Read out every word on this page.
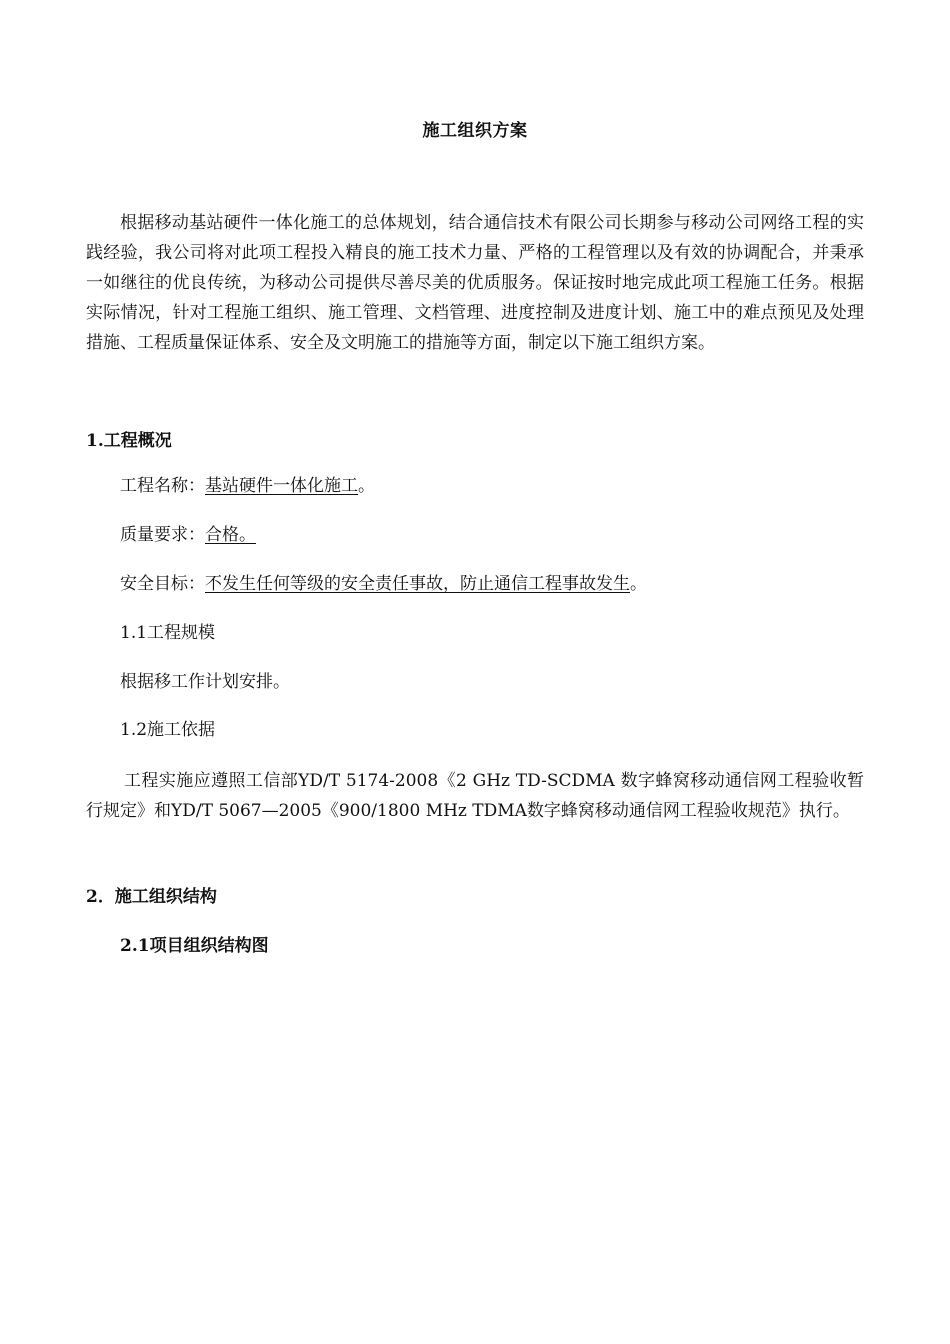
施工组织方案

根据移动基站硬件一体化施工的总体规划，结合通信技术有限公司长期参与移动公司网络工程的实践经验，我公司将对此项工程投入精良的施工技术力量、严格的工程管理以及有效的协调配合，并秉承一如继往的优良传统，为移动公司提供尽善尽美的优质服务。保证按时地完成此项工程施工任务。根据实际情况，针对工程施工组织、施工管理、文档管理、进度控制及进度计划、施工中的难点预见及处理措施、工程质量保证体系、安全及文明施工的措施等方面，制定以下施工组织方案。

1.工程概况

工程名称：基站硬件一体化施工。

质量要求：合格。

安全目标：不发生任何等级的安全责任事故，防止通信工程事故发生。

1.1工程规模

根据移工作计划安排。

1.2施工依据

工程实施应遵照工信部YD/T 5174-2008《2 GHz TD-SCDMA 数字蜂窝移动通信网工程验收暂行规定》和YD/T 5067—2005《900/1800 MHz TDMA数字蜂窝移动通信网工程验收规范》执行。

2．施工组织结构

2.1项目组织结构图
